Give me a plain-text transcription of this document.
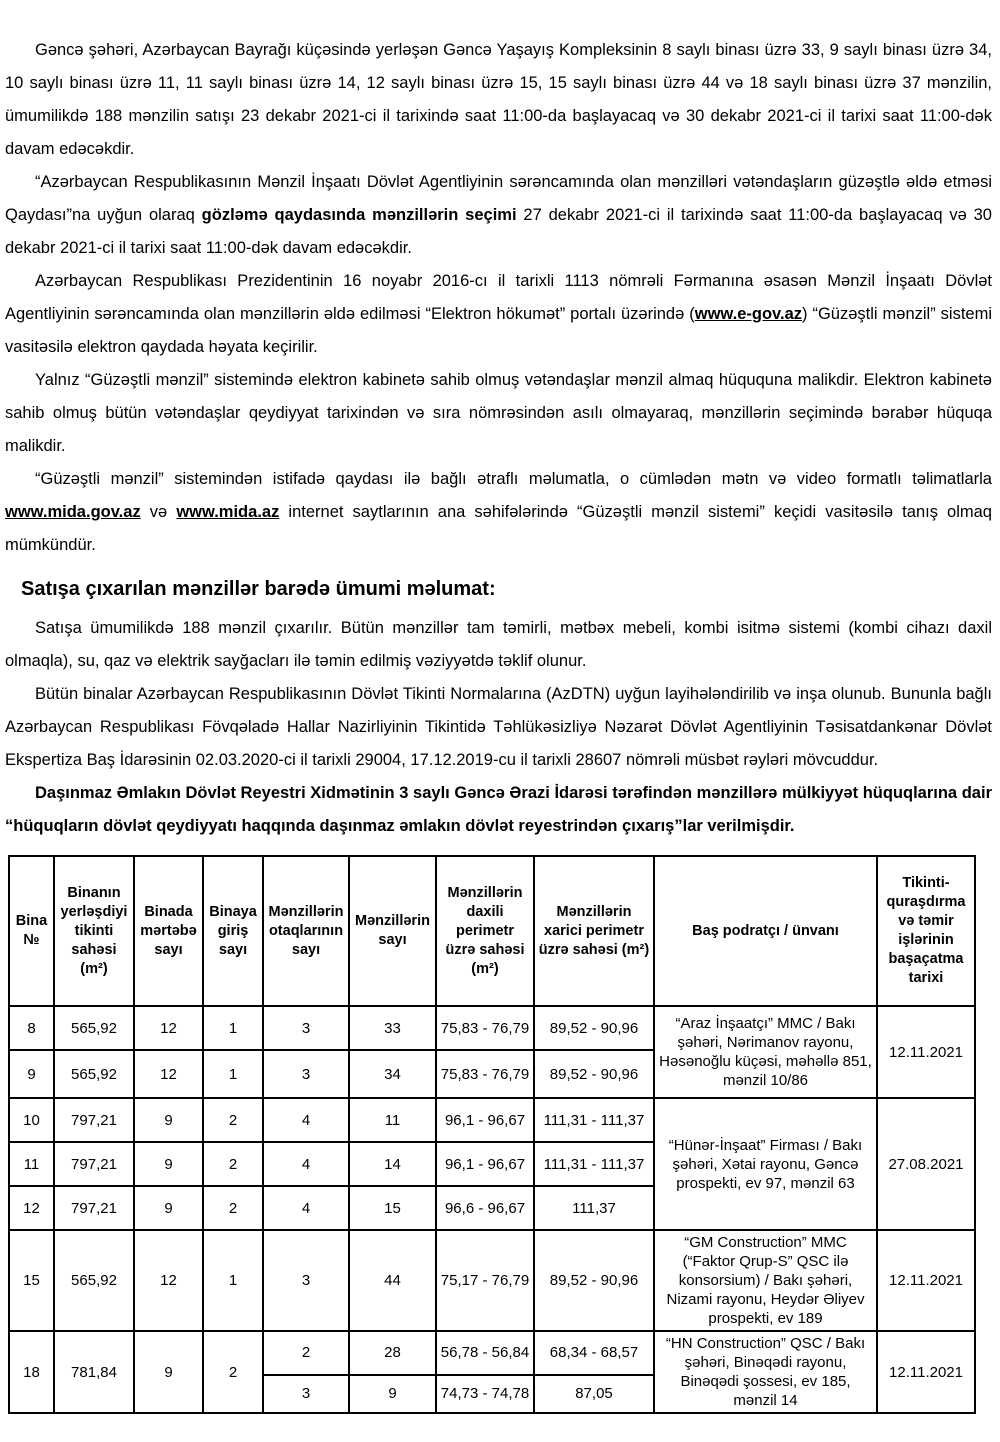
Gəncə şəhəri, Azərbaycan Bayrağı küçəsində yerləşən Gəncə Yaşayış Kompleksinin 8 saylı binası üzrə 33, 9 saylı binası üzrə 34, 10 saylı binası üzrə 11, 11 saylı binası üzrə 14, 12 saylı binası üzrə 15, 15 saylı binası üzrə 44 və 18 saylı binası üzrə 37 mənzilin, ümumilikdə 188 mənzilin satışı 23 dekabr 2021-ci il tarixində saat 11:00-da başlayacaq və 30 dekabr 2021-ci il tarixi saat 11:00-dək davam edəcəkdir.

“Azərbaycan Respublikasının Mənzil İnşaatı Dövlət Agentliyinin sərəncamında olan mənzilləri vətəndaşların güzəştlə əldə etməsi Qaydası”na uyğun olaraq gözləmə qaydasında mənzillərin seçimi 27 dekabr 2021-ci il tarixində saat 11:00-da başlayacaq və 30 dekabr 2021-ci il tarixi saat 11:00-dək davam edəcəkdir.

Azərbaycan Respublikası Prezidentinin 16 noyabr 2016-cı il tarixli 1113 nömrəli Fərmanına əsasən Mənzil İnşaatı Dövlət Agentliyinin sərəncamında olan mənzillərin əldə edilməsi “Elektron hökumət” portalı üzərində (www.e-gov.az) “Güzəştli mənzil” sistemi vasitəsilə elektron qaydada həyata keçirilir.

Yalnız “Güzəştli mənzil” sistemində elektron kabinetə sahib olmuş vətəndaşlar mənzil almaq hüququna malikdir. Elektron kabinetə sahib olmuş bütün vətəndaşlar qeydiyyat tarixindən və sıra nömrəsindən asılı olmayaraq, mənzillərin seçimində bərabər hüquqa malikdir.

“Güzəştli mənzil” sistemindən istifadə qaydası ilə bağlı ətraflı məlumatla, o cümlədən mətn və video formatlı təlimatlarla www.mida.gov.az və www.mida.az internet saytlarının ana səhifələrində “Güzəştli mənzil sistemi” keçidi vasitəsilə tanış olmaq mümkündür.

Satışa çıxarılan mənzillər barədə ümumi məlumat:

Satışa ümumilikdə 188 mənzil çıxarılır. Bütün mənzillər tam təmirli, mətbəx mebeli, kombi isitmə sistemi (kombi cihazı daxil olmaqla), su, qaz və elektrik sayğacları ilə təmin edilmiş vəziyyətdə təklif olunur.

Bütün binalar Azərbaycan Respublikasının Dövlət Tikinti Normalarına (AzDTN) uyğun layihələndirilib və inşa olunub. Bununla bağlı Azərbaycan Respublikası Fövqəladə Hallar Nazirliyinin Tikintidə Təhlükəsizliyə Nəzarət Dövlət Agentliyinin Təsisatdankənar Dövlət Ekspertiza Baş İdarəsinin 02.03.2020-ci il tarixli 29004, 17.12.2019-cu il tarixli 28607 nömrəli müsbət rəyləri mövcuddur.

Daşınmaz Əmlakın Dövlət Reyestri Xidmətinin 3 saylı Gəncə Ərazi İdarəsi tərəfindən mənzillərə mülkiyyət hüquqlarına dair “hüquqların dövlət qeydiyyatı haqqında daşınmaz əmlakın dövlət reyestrindən çıxarış”lar verilmişdir.

Bina №	Binanın yerləşdiyi tikinti sahəsi (m²)	Binada mərtəbə sayı	Binaya giriş sayı	Mənzillərin otaqlarının sayı	Mənzillərin sayı	Mənzillərin daxili perimetr üzrə sahəsi (m²)	Mənzillərin xarici perimetr üzrə sahəsi (m²)	Baş podratçı / ünvanı	Tikinti-quraşdırma və təmir işlərinin başaçatma tarixi
8	565,92	12	1	3	33	75,83 - 76,79	89,52 - 90,96	“Araz İnşaatçı” MMC / Bakı şəhəri, Nərimanov rayonu, Həsənoğlu küçəsi, məhəllə 851, mənzil 10/86	12.11.2021
9	565,92	12	1	3	34	75,83 - 76,79	89,52 - 90,96		
10	797,21	9	2	4	11	96,1 - 96,67	111,31 - 111,37	“Hünər-İnşaat” Firması / Bakı şəhəri, Xətai rayonu, Gəncə prospekti, ev 97, mənzil 63	27.08.2021
11	797,21	9	2	4	14	96,1 - 96,67	111,31 - 111,37		
12	797,21	9	2	4	15	96,6 - 96,67	111,37		
15	565,92	12	1	3	44	75,17 - 76,79	89,52 - 90,96	“GM Construction” MMC (“Faktor Qrup-S” QSC ilə konsorsium) / Bakı şəhəri, Nizami rayonu, Heydər Əliyev prospekti, ev 189	12.11.2021
18	781,84	9	2	2	28	56,78 - 56,84	68,34 - 68,57	“HN Construction” QSC / Bakı şəhəri, Binəqədi rayonu, Binəqədi şossesi, ev 185, mənzil 14	12.11.2021
				3	9	74,73 - 74,78	87,05		
